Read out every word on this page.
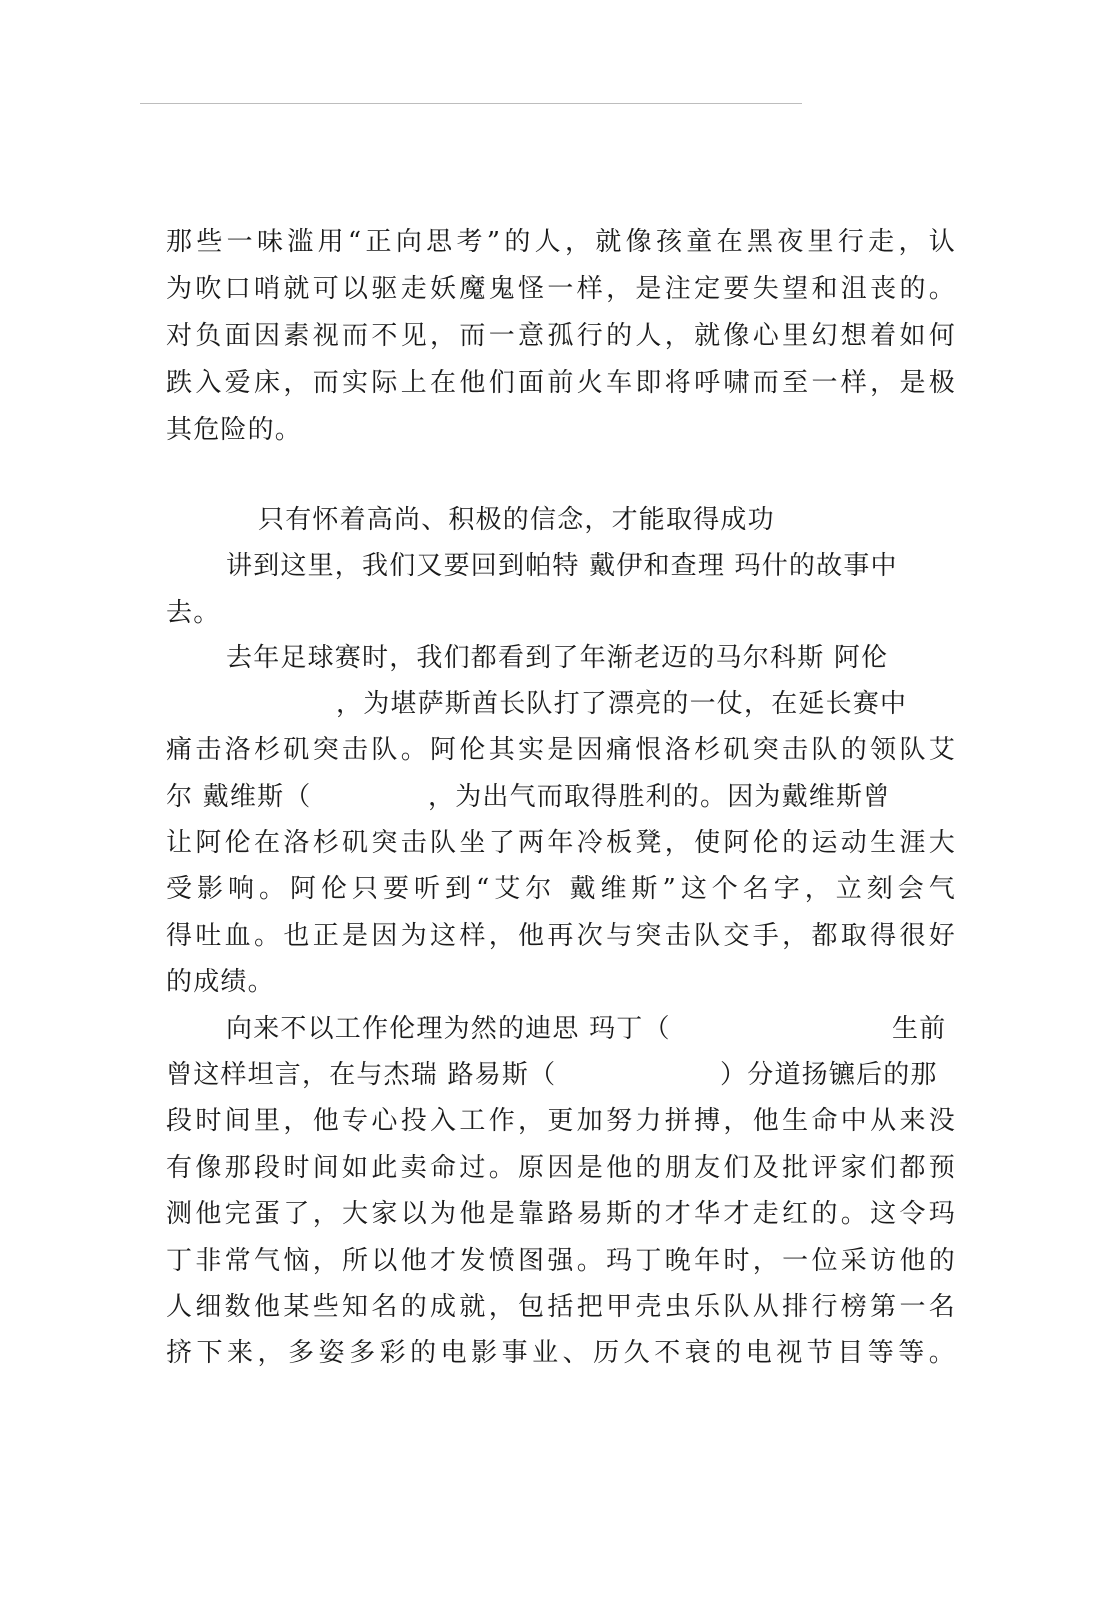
那些一味滥用“正向思考”的人，就像孩童在黑夜里行走，认
为吹口哨就可以驱走妖魔鬼怪一样，是注定要失望和沮丧的。
对负面因素视而不见，而一意孤行的人，就像心里幻想着如何
跌入爱床，而实际上在他们面前火车即将呼啸而至一样，是极
其危险的。
只有怀着高尚、积极的信念，才能取得成功
讲到这里，我们又要回到帕特 戴伊和查理 玛什的故事中
去。
去年足球赛时，我们都看到了年渐老迈的马尔科斯 阿伦
，为堪萨斯酋长队打了漂亮的一仗，在延长赛中
痛击洛杉矶突击队。阿伦其实是因痛恨洛杉矶突击队的领队艾
尔 戴维斯（	，为出气而取得胜利的。因为戴维斯曾
让阿伦在洛杉矶突击队坐了两年冷板凳，使阿伦的运动生涯大
受影响。阿伦只要听到“艾尔 戴维斯”这个名字，立刻会气
得吐血。也正是因为这样，他再次与突击队交手，都取得很好
的成绩。
向来不以工作伦理为然的迪思 玛丁（	生前
曾这样坦言，在与杰瑞 路易斯（	）分道扬镳后的那
段时间里，他专心投入工作，更加努力拼搏，他生命中从来没
有像那段时间如此卖命过。原因是他的朋友们及批评家们都预
测他完蛋了，大家以为他是靠路易斯的才华才走红的。这令玛
丁非常气恼，所以他才发愤图强。玛丁晚年时，一位采访他的
人细数他某些知名的成就，包括把甲壳虫乐队从排行榜第一名
挤下来，多姿多彩的电影事业、历久不衰的电视节目等等。
